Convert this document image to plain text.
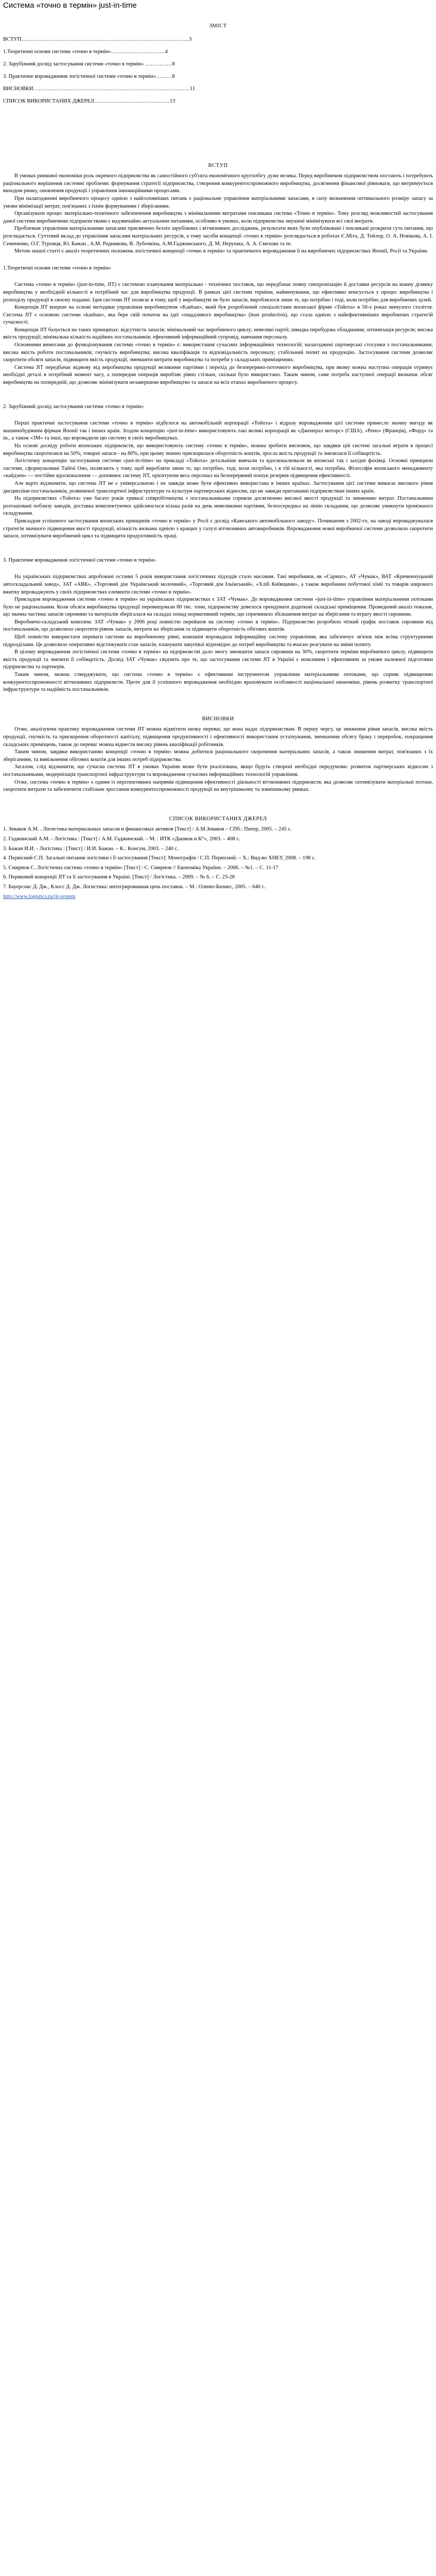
Система «точно в термін» just-in-time
ЗМІСТ
ВСТУП…………………………………………………………………………………3
1.Теоретичні основи системи «точно в термін»…………………………4
2. Зарубіжний досвід застосування системи «точно в термін» ……………8
3. Практичне впровадження логістичної системи «точно в термін»………8
ВИСНОВКИ……………………………………………………………………………11
СПИСОК ВИКОРИСТАНИХ ДЖЕРЕЛ……………………………………13
ВСТУП

В умовах ринкової економіки роль окремого підприємства як самостійного суб'єкта економічного кругообігу дуже велика. Перед виробничим підприємством постають і потребують раціонального вирішення системні проблеми: формування стратегії підприємства, створення конкурентоспроможного виробництва, досягнення фінансової рівноваги, що витримується виходом ринку, оновлення продукції і управління інноваційними процесами.

При налагодженні виробничого процесу однією з найголовніших питань є раціональне управління матеріальними запасами, в силу визначення оптимального розміру запасу за умови мінімізації витрат, пов'язаних з їхнім формуванням і зберіганням.

Організувати процес матеріально-технічного забезпечення виробництва з мінімальними витратами покликана система «Точно в термін». Тому розгляд можливостей застосування даної системи виробничими підприємствами є надзвичайно актуальним питанням, особливо в умовах, коли підприємства змушені мінімізувати всі свої витрати.

Проблемам управління матеріальними запасами присвячено безліч зарубіжних і вітчизняних досліджень, результати яких були опубліковані і покликані розкрити суть питання, що розглядається. Суттєвий вклад до управління запасами матеріальних ресурсів, а тому засоби концепції «точно в термін» розглядається в роботах Є.Міта, Д. Тейлор, О. А. Новікова, А. І. Семененко, О.Г. Туровця, Ю. Бажан , А.М. Родникова, В. Лубочкіна, А.М.Гаджинського, Д. М. Нерушка, А. А. Смехова та ін.

Метою нашої статті є аналіз теоретичних положень логістичної концепції «точно в термін» та практичного впровадження її на виробничих підприємствах Японії, Росії та України.

1.Теоретичні основи системи «точно в термін»

Система «точно в термін» (just-in-time, JIT) є системою планування матеріально - технічних поставок, що передбачає повну синхронізацію й доставки ресурсів на кожну ділянку виробництва у необхідній кількості в потрібний час для виробництва продукції. В рамках цієї системи терміни, найменування, що ефективно вписується у процес виробництва і розподілу продукції в своєму поданні. Ідея системи JIT полягає в тому, щоб у виробництві не було запасів, вироблялося лише те, що потрібно і тоді, коли потрібно для виробничих цілей.

Концепція JIT вперше на основі методики управління виробництвом «Kanban», який був розроблений спеціалістами японської фірми «Тойота» в 50-х роках минулого століття. Система JIT є основою системи «kanban», яка бере свій початок на ідеї «ощадливого виробництва» (lean production), що стала однією з найефективніших виробничих стратегій сучасності.

Концепція JIT базується на таких принципах: відсутність запасів; мінімальний час виробничого циклу; невеликі партії; швидка перебудова обладнання; оптимізація ресурсів; висока якість продукції; мінімальна кількість надійних постачальників; ефективний інформаційний супровід; навчання персоналу.

Основними вимогами до функціонування системи «точно в термін» є: використання сучасних інформаційних технологій; налагоджені партнерські стосунки з постачальниками; висока якість роботи постачальників; гнучкість виробництва; висока кваліфікація та відповідальність персоналу; стабільний попит на продукцію. Застосування системи дозволяє скоротити обсяги запасів, підвищити якість продукції, зменшити витрати виробництва та потреби у складських приміщеннях.

Система JIT передбачає відмову від виробництва продукції великими партіями і перехід до безперервно-поточного виробництва, при якому кожна наступна операція отримує необхідні деталі в потрібний момент часу, а попередня операція виробляє рівно стільки, скільки було використано. Таким чином, саме потреба наступної операції визначає обсяг виробництва на попередній, що дозволяє мінімізувати незавершене виробництво та запаси на всіх етапах виробничого процесу.

2. Зарубіжний досвід застосування системи «точно в термін»

Перші практичні застосування системи «точно в термін» відбулося на автомобільній корпорації «Тойота» і відразу впровадження цієї системи принесло значну вигоду як машинобудівним фірмам Японії так і інших країн. Згодом концепцію «just-in-time» використовують такі великі корпорації як «Дженерал моторс» (США), «Рено» (Франція), «Форд» та ін., а також «3М» та інші, що впровадили цю систему в своїх виробництвах.

На основі досвіду роботи японських підприємств, що використовують систему «точно в термін», можна зробити висновок, що завдяки цій системі загальні втрати в процесі виробництва скоротилися на 50%, товарні запаси - на 80%, при цьому значно прискорилася оборотність коштів, зросла якість продукції та знизилася її собівартість.

Логістичну концепцію застосування системи «just-in-time» на прикладі «Тойота» детальніше вивчали та вдосконалювали як японські так і західні фахівці. Основні принципи системи, сформульовані Тайічі Оно, полягають у тому, щоб виробляти лише те, що потрібно, тоді, коли потрібно, і в тій кількості, яка потрібна. Філософія японського менеджменту «кайдзен» — постійне вдосконалення — доповнює систему JIT, орієнтуючи весь персонал на безперервний пошук резервів підвищення ефективності.

Але варто відзначити, що система JIT не є універсальною і не завжди може бути ефективно використана в інших країнах. Застосування цієї системи вимагає високого рівня дисципліни постачальників, розвиненої транспортної інфраструктури та культури партнерських відносин, що не завжди притаманні підприємствам інших країн.

На підприємствах «Тойота» уже багато років тривалі співробітництва з постачальниками сприяли досягненню високої якості продукції та зниженню витрат. Постачальники розташовані поблизу заводів, доставка комплектуючих здійснюється кілька разів на день невеликими партіями, безпосередньо на лінію складання, що дозволяє уникнути проміжного складування.

Прикладом успішного застосування японських принципів «точно в термін» у Росії є досвід «Камського автомобільного заводу». Починаючи з 2002-го, на заводі впроваджувалася стратегія значного підвищення якості продукції, кількість визнана однією з кращих у галузі вітчизняних автовиробників. Впровадження нової виробничої системи дозволило скоротити запаси, оптимізувати виробничий цикл та підвищити продуктивність праці.

3. Практичне впровадження логістичної системи «точно в термін»

На українських підприємствах апробовані останні 5 років використання логістичних підходів стало масовим. Такі виробники, як «Сармат», АТ «Чумак», ВАТ «Кременчуцький автоскладальний завод», ЗАТ «АВК», «Торговий дім Український молочний», «Торговий дім Ільїнський», «Хліб Київщини», а також виробники побутової хімії та товарів широкого вжитку впроваджують у своїх підприємствах елементи системи «точно в термін».

Прикладом впровадження системи «точно в термін» на українських підприємствах є ЗАТ «Чумак». До впровадження системи «just-in-time» управління матеріальними потоками було не раціональним. Коли обсяги виробництва продукції перевищували 80 тис. тонн, підприємству довелося орендувати додаткові складські приміщення. Проведений аналіз показав, що значна частина запасів сировини та матеріалів зберігалася на складах понад нормативний термін, що спричиняло збільшення витрат на зберігання та втрату якості сировини.

Виробничо-складський комплекс ЗАТ «Чумак» у 2006 році повністю перейшов на систему «точно в термін». Підприємство розробило чіткий графік поставок сировини від постачальників, що дозволило скоротити рівень запасів, витрати на зберігання та підвищити оборотність обігових коштів.

Щоб повністю використати переваги системи на виробничому рівні, компанія впровадила інформаційну систему управління, яка забезпечує зв'язок між всіма структурними підрозділами. Це дозволило оперативно відстежувати стан запасів, планувати закупівлі відповідно до потреб виробництва та вчасно реагувати на зміни попиту.

В цілому впровадження логістичної системи «точно в термін» на підприємстві дало змогу зменшити запаси сировини на 30%, скоротити терміни виробничого циклу, підвищити якість продукції та знизити її собівартість. Досвід ЗАТ «Чумак» свідчить про те, що застосування системи JIT в Україні є можливим і ефективним за умови належної підготовки підприємства та партнерів.

Таким чином, можна стверджувати, що система «точно в термін» є ефективним інструментом управління матеріальними потоками, що сприяє підвищенню конкурентоспроможності вітчизняних підприємств. Проте для її успішного впровадження необхідно враховувати особливості національної економіки, рівень розвитку транспортної інфраструктури та надійність постачальників.

ВИСНОВКИ

Отже, аналізуючи практику впровадження системи JIT можна відмітити низку переваг, що вона надає підприємствам. В першу чергу, це зниження рівня запасів, висока якість продукції, гнучкість та прискорення оборотності капіталу, підвищення продуктивності і ефективності використання устаткування, зменшення обсягу браку і переробок, покращення складських приміщень, також до переваг можна віднести високу рівень кваліфікації робітників.

Таким чином, завдяки використанню концепції «точно в термін» можна добитися раціонального скорочення матеріальних запасів, а також зниження витрат, пов'язаних з їх зберіганням, та вивільнення обігових коштів для інших потреб підприємства.

Загалом, слід відзначити, що сучасна система JIT в умовах України може бути реалізована, якщо будуть створені необхідні передумови: розвиток партнерських відносин з постачальниками, модернізація транспортної інфраструктури та впровадження сучасних інформаційних технологій управління.

Отже, система «точно в термін» є одним із перспективних напрямів підвищення ефективності діяльності вітчизняних підприємств, яка дозволяє оптимізувати матеріальні потоки, скоротити витрати та забезпечити стабільне зростання конкурентоспроможності продукції на внутрішньому та зовнішньому ринках.

СПИСОК ВИКОРИСТАНИХ ДЖЕРЕЛ

1. Зеваков А.М. . Логистика материальных запасов и финансовых активов [Текст] / А.М.Зеваков – СПб.: Питер, 2005. – 245 с.

2. Гаджинский А.М. - Логістика : [Текст] / А.М. Гаджинский. – М. : ИТК «Дашков и К°», 2003. – 408 с.

3. Бажан И.И. - Логістика : [Текст] / И.И. Бажан. – К.: Консум, 2003. – 240 с.

4. Первісний С.П. Загальні питання логістики і її застосування [Текст]: Монографія / С.П. Первісний. – Х.: Вид-во ХНЕУ, 2008. – 198 с.

5. Смирнов С. Логістична система «точно в термін» [Текст] / С. Смирнов // Економіка України. – 2006. – №1. – С. 11-17

6. Пеpяковий концепції JIT та її застосування в Україні: [Текст] / Логістика. – 2009. – № 6. – С. 23-28

7. Бауерсокс Д. Дж., Клосс Д. Дж. Логистика: интегрированная цепь поставок. – М.: Олимп-Бизнес, 2005. – 640 с.

http://www.logistics.ru/jit-system
